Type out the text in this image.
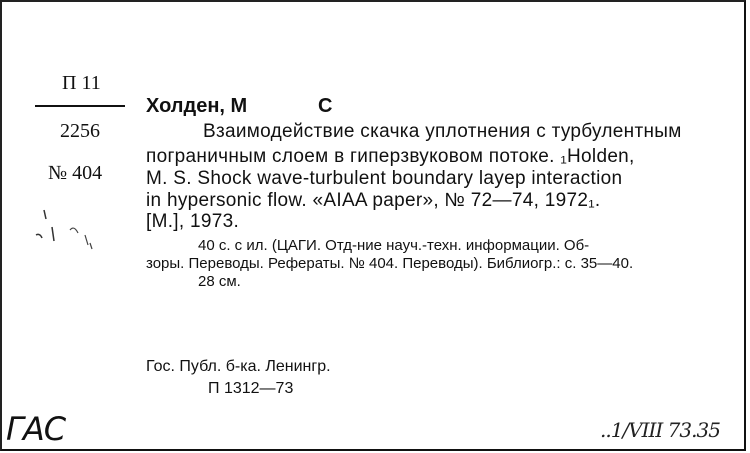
П 11
2256
№ 404
Холден, М	С
Взаимодействие скачка уплотнения с турбулентным
пограничным слоем в гиперзвуковом потоке. ₁Holden,
M. S. Shock wave-turbulent boundary layep interaction
in hypersonic flow. «AIAA paper», № 72—74, 1972₁.
[M.], 1973.
40 с. с ил. (ЦАГИ. Отд-ние науч.-техн. информации. Об-
зоры. Переводы. Рефераты. № 404. Переводы). Библиогр.: с. 35—40.
28 см.
Гос. Публ. б-ка. Ленингр.
П 1312—73
ГАС	..1/VIII 73.35
